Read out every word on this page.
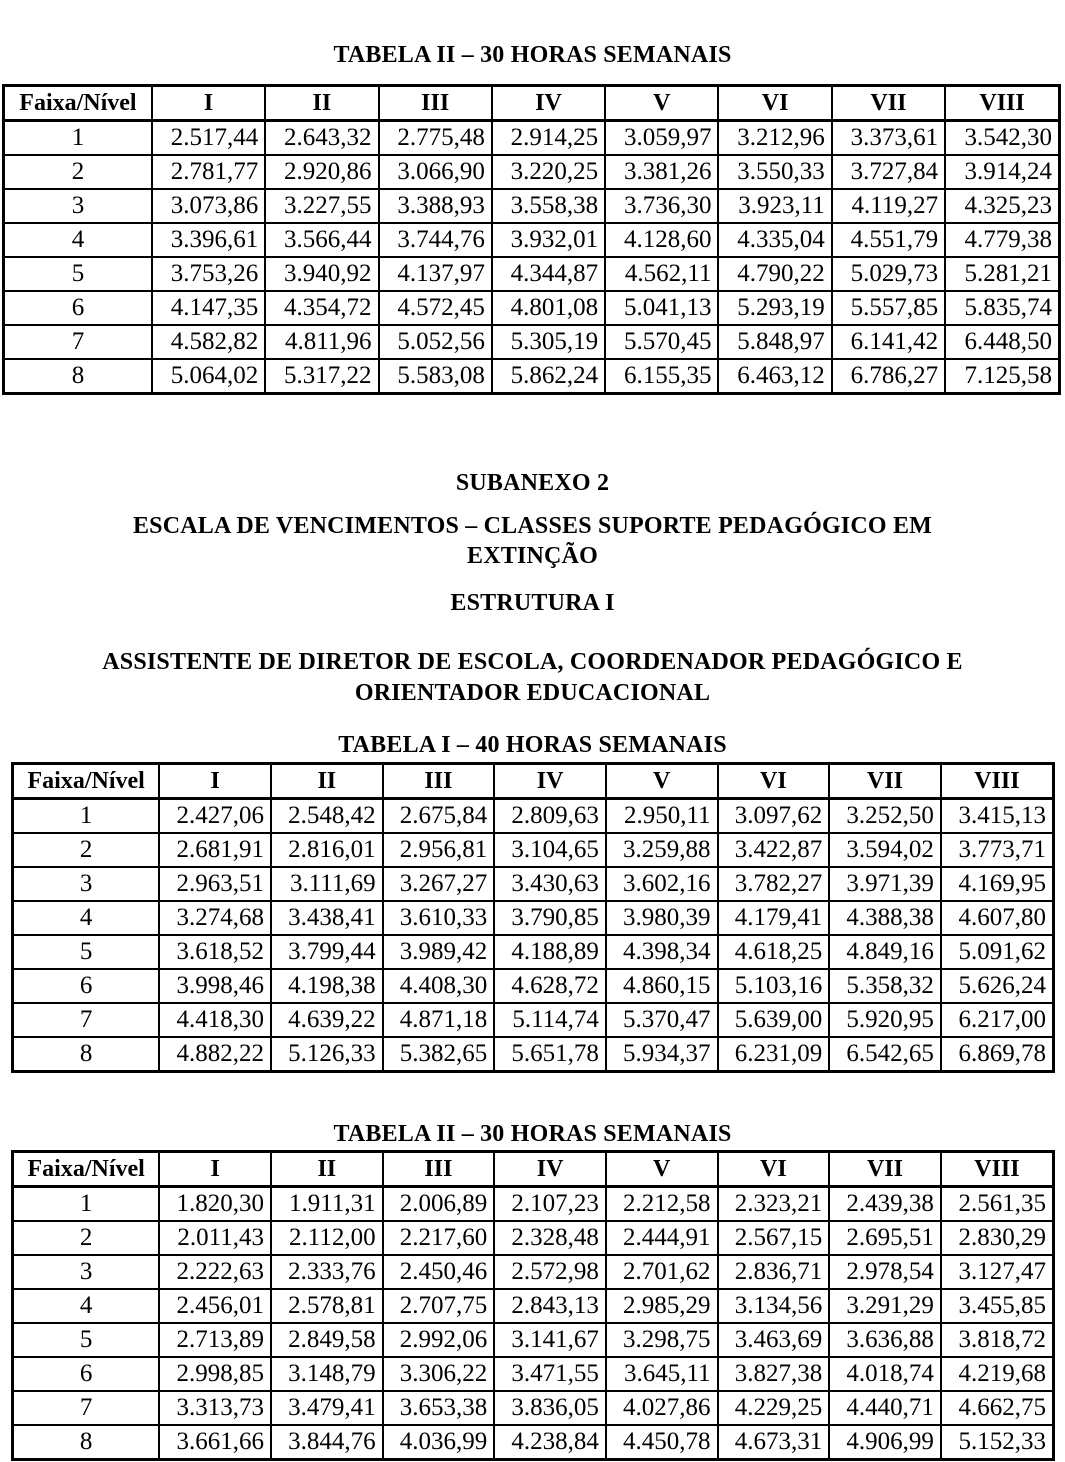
TABELA II – 30 HORAS SEMANAIS
Faixa/Nível	I	II	III	IV	V	VI	VII	VIII
1	2.517,44	2.643,32	2.775,48	2.914,25	3.059,97	3.212,96	3.373,61	3.542,30
2	2.781,77	2.920,86	3.066,90	3.220,25	3.381,26	3.550,33	3.727,84	3.914,24
3	3.073,86	3.227,55	3.388,93	3.558,38	3.736,30	3.923,11	4.119,27	4.325,23
4	3.396,61	3.566,44	3.744,76	3.932,01	4.128,60	4.335,04	4.551,79	4.779,38
5	3.753,26	3.940,92	4.137,97	4.344,87	4.562,11	4.790,22	5.029,73	5.281,21
6	4.147,35	4.354,72	4.572,45	4.801,08	5.041,13	5.293,19	5.557,85	5.835,74
7	4.582,82	4.811,96	5.052,56	5.305,19	5.570,45	5.848,97	6.141,42	6.448,50
8	5.064,02	5.317,22	5.583,08	5.862,24	6.155,35	6.463,12	6.786,27	7.125,58
SUBANEXO 2
ESCALA DE VENCIMENTOS – CLASSES SUPORTE PEDAGÓGICO EM
EXTINÇÃO
ESTRUTURA I
ASSISTENTE DE DIRETOR DE ESCOLA, COORDENADOR PEDAGÓGICO E
ORIENTADOR EDUCACIONAL
TABELA I – 40 HORAS SEMANAIS
Faixa/Nível	I	II	III	IV	V	VI	VII	VIII
1	2.427,06	2.548,42	2.675,84	2.809,63	2.950,11	3.097,62	3.252,50	3.415,13
2	2.681,91	2.816,01	2.956,81	3.104,65	3.259,88	3.422,87	3.594,02	3.773,71
3	2.963,51	3.111,69	3.267,27	3.430,63	3.602,16	3.782,27	3.971,39	4.169,95
4	3.274,68	3.438,41	3.610,33	3.790,85	3.980,39	4.179,41	4.388,38	4.607,80
5	3.618,52	3.799,44	3.989,42	4.188,89	4.398,34	4.618,25	4.849,16	5.091,62
6	3.998,46	4.198,38	4.408,30	4.628,72	4.860,15	5.103,16	5.358,32	5.626,24
7	4.418,30	4.639,22	4.871,18	5.114,74	5.370,47	5.639,00	5.920,95	6.217,00
8	4.882,22	5.126,33	5.382,65	5.651,78	5.934,37	6.231,09	6.542,65	6.869,78
TABELA II – 30 HORAS SEMANAIS
Faixa/Nível	I	II	III	IV	V	VI	VII	VIII
1	1.820,30	1.911,31	2.006,89	2.107,23	2.212,58	2.323,21	2.439,38	2.561,35
2	2.011,43	2.112,00	2.217,60	2.328,48	2.444,91	2.567,15	2.695,51	2.830,29
3	2.222,63	2.333,76	2.450,46	2.572,98	2.701,62	2.836,71	2.978,54	3.127,47
4	2.456,01	2.578,81	2.707,75	2.843,13	2.985,29	3.134,56	3.291,29	3.455,85
5	2.713,89	2.849,58	2.992,06	3.141,67	3.298,75	3.463,69	3.636,88	3.818,72
6	2.998,85	3.148,79	3.306,22	3.471,55	3.645,11	3.827,38	4.018,74	4.219,68
7	3.313,73	3.479,41	3.653,38	3.836,05	4.027,86	4.229,25	4.440,71	4.662,75
8	3.661,66	3.844,76	4.036,99	4.238,84	4.450,78	4.673,31	4.906,99	5.152,33
